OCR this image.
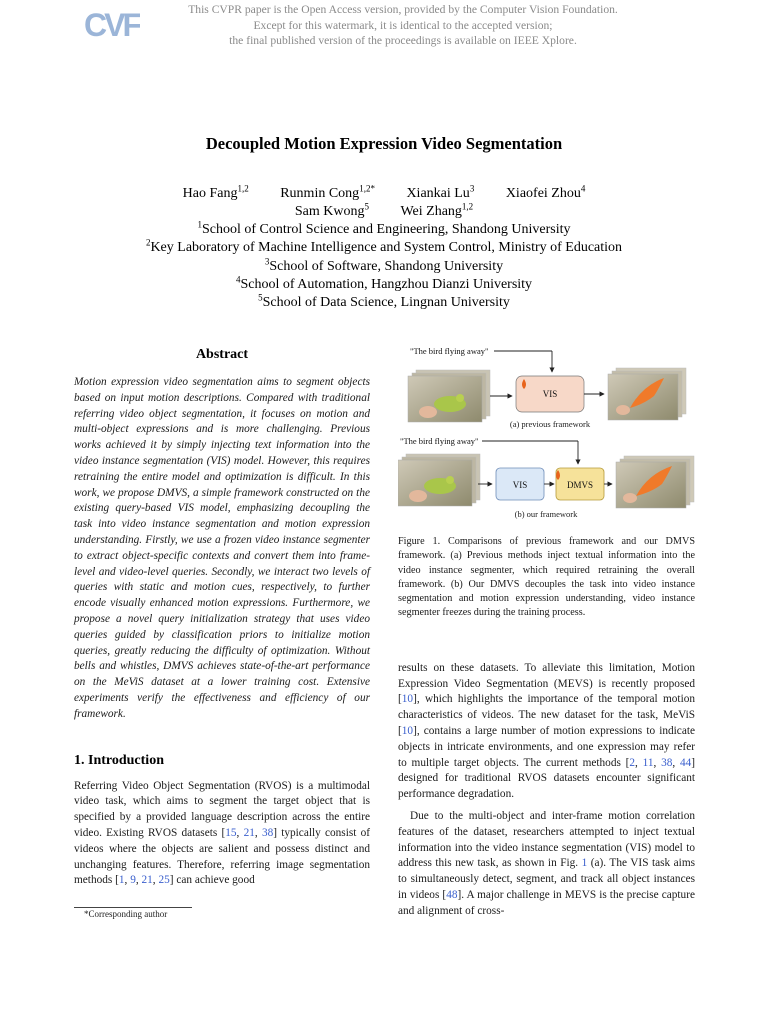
CVF	This CVPR paper is the Open Access version, provided by the Computer Vision Foundation.
Except for this watermark, it is identical to the accepted version;
the final published version of the proceedings is available on IEEE Xplore.
Decoupled Motion Expression Video Segmentation
Hao Fang$^{1,2}$ Runmin Cong$^{1,2*}$ Xiankai Lu$^3$ Xiaofei Zhou$^4$
Sam Kwong$^5$ Wei Zhang$^{1,2}$
$^1$School of Control Science and Engineering, Shandong University
$^2$Key Laboratory of Machine Intelligence and System Control, Ministry of Education
$^3$School of Software, Shandong University
$^4$School of Automation, Hangzhou Dianzi University
$^5$School of Data Science, Lingnan University
Abstract

Motion expression video segmentation aims to segment objects based on input motion descriptions. Compared with traditional referring video object segmentation, it focuses on motion and multi-object expressions and is more challenging. Previous works achieved it by simply injecting text information into the video instance segmentation (VIS) model. However, this requires retraining the entire model and optimization is difficult. In this work, we propose DMVS, a simple framework constructed on the existing query-based VIS model, emphasizing decoupling the task into video instance segmentation and motion expression understanding. Firstly, we use a frozen video instance segmenter to extract object-specific contexts and convert them into frame-level and video-level queries. Secondly, we interact two levels of queries with static and motion cues, respectively, to further encode visually enhanced motion expressions. Furthermore, we propose a novel query initialization strategy that uses video queries guided by classification priors to initialize motion queries, greatly reducing the difficulty of optimization. Without bells and whistles, DMVS achieves state-of-the-art performance on the MeViS dataset at a lower training cost. Extensive experiments verify the effectiveness and efficiency of our framework.

1. Introduction

Referring Video Object Segmentation (RVOS) is a multimodal video task, which aims to segment the target object that is specified by a provided language description across the entire video. Existing RVOS datasets [15, 21, 38] typically consist of videos where the objects are salient and possess distinct and unchanging features. Therefore, referring image segmentation methods [1, 9, 21, 25] can achieve good

*Corresponding author
"The bird flying away"
VIS
(a) previous framework
"The bird flying away"
VIS	DMVS
(b) our framework

Figure 1. Comparisons of previous framework and our DMVS framework. (a) Previous methods inject textual information into the video instance segmenter, which required retraining the overall framework. (b) Our DMVS decouples the task into video instance segmentation and motion expression understanding, video instance segmenter freezes during the training process.

results on these datasets. To alleviate this limitation, Motion Expression Video Segmentation (MEVS) is recently proposed [10], which highlights the importance of the temporal motion characteristics of videos. The new dataset for the task, MeViS [10], contains a large number of motion expressions to indicate objects in intricate environments, and one expression may refer to multiple target objects. The current methods [2, 11, 38, 44] designed for traditional RVOS datasets encounter significant performance degradation.

Due to the multi-object and inter-frame motion correlation features of the dataset, researchers attempted to inject textual information into the video instance segmentation (VIS) model to address this new task, as shown in Fig. 1 (a). The VIS task aims to simultaneously detect, segment, and track all object instances in videos [48]. A major challenge in MEVS is the precise capture and alignment of cross-
